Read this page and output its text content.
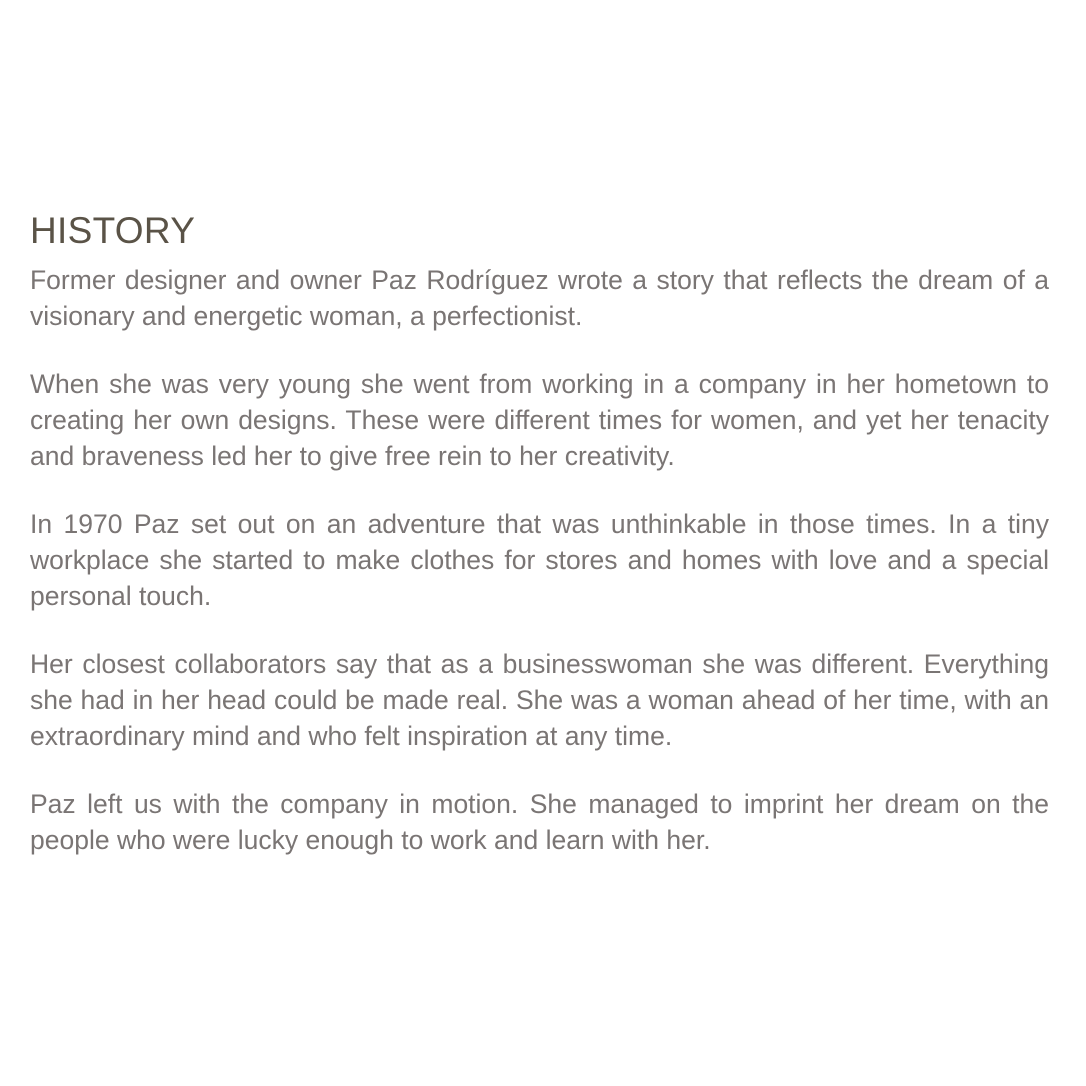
HISTORY

Former designer and owner Paz Rodríguez wrote a story that reflects the dream of a visionary and energetic woman, a perfectionist.

When she was very young she went from working in a company in her hometown to creating her own designs. These were different times for women, and yet her tenacity and braveness led her to give free rein to her creativity.

In 1970 Paz set out on an adventure that was unthinkable in those times. In a tiny workplace she started to make clothes for stores and homes with love and a special personal touch.

Her closest collaborators say that as a businesswoman she was different. Everything she had in her head could be made real. She was a woman ahead of her time, with an extraordinary mind and who felt inspiration at any time.

Paz left us with the company in motion. She managed to imprint her dream on the people who were lucky enough to work and learn with her.
